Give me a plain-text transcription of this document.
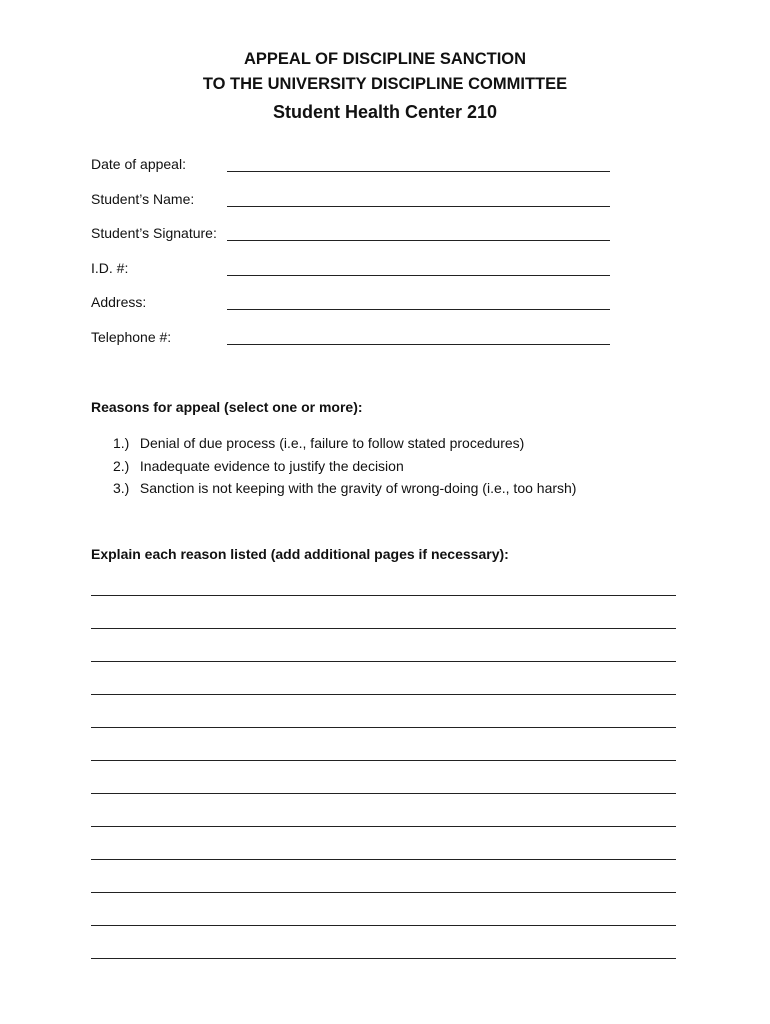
APPEAL OF DISCIPLINE SANCTION
TO THE UNIVERSITY DISCIPLINE COMMITTEE
Student Health Center 210
Date of appeal:
Student’s Name:
Student’s Signature:
I.D. #:
Address:
Telephone #:
Reasons for appeal (select one or more):
1.) Denial of due process (i.e., failure to follow stated procedures)
2.) Inadequate evidence to justify the decision
3.) Sanction is not keeping with the gravity of wrong-doing (i.e., too harsh)
Explain each reason listed (add additional pages if necessary):
